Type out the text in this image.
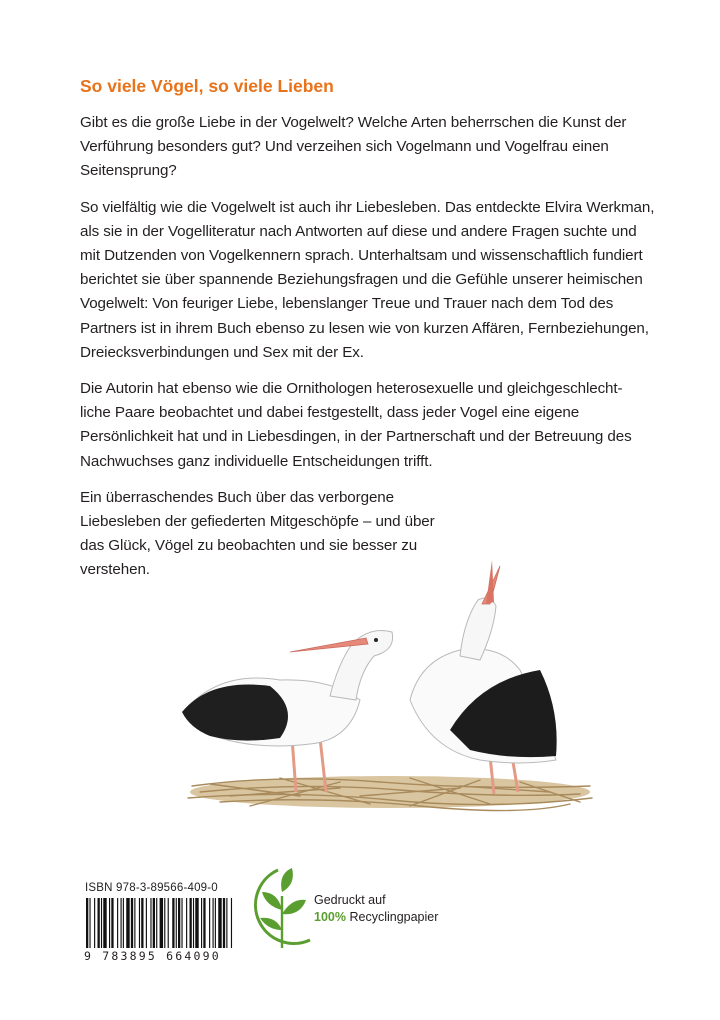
So viele Vögel, so viele Lieben

Gibt es die große Liebe in der Vogelwelt? Welche Arten beherrschen die Kunst der Verführung besonders gut? Und verzeihen sich Vogelmann und Vogelfrau einen Seitensprung?

So vielfältig wie die Vogelwelt ist auch ihr Liebesleben. Das entdeckte Elvira Werkman, als sie in der Vogelliteratur nach Antworten auf diese und andere Fragen suchte und mit Dutzenden von Vogelkennern sprach. Unterhaltsam und wissenschaftlich fundiert berichtet sie über spannende Beziehungsfragen und die Gefühle unserer heimischen Vogelwelt: Von feuriger Liebe, lebenslanger Treue und Trauer nach dem Tod des Partners ist in ihrem Buch ebenso zu lesen wie von kurzen Affären, Fernbeziehungen, Dreiecksverbindungen und Sex mit der Ex.

Die Autorin hat ebenso wie die Ornithologen heterosexuelle und gleichgeschlechtliche Paare beobachtet und dabei festgestellt, dass jeder Vogel eine eigene Persönlichkeit hat und in Liebesdingen, in der Partnerschaft und der Betreuung des Nachwuchses ganz individuelle Entscheidungen trifft.

Ein überraschendes Buch über das verborgene Liebesleben der gefiederten Mitgeschöpfe – und über das Glück, Vögel zu beobachten und sie besser zu verstehen.

ISBN 978-3-89566-409-0
9 783895 664090
Gedruckt auf
100% Recyclingpapier
